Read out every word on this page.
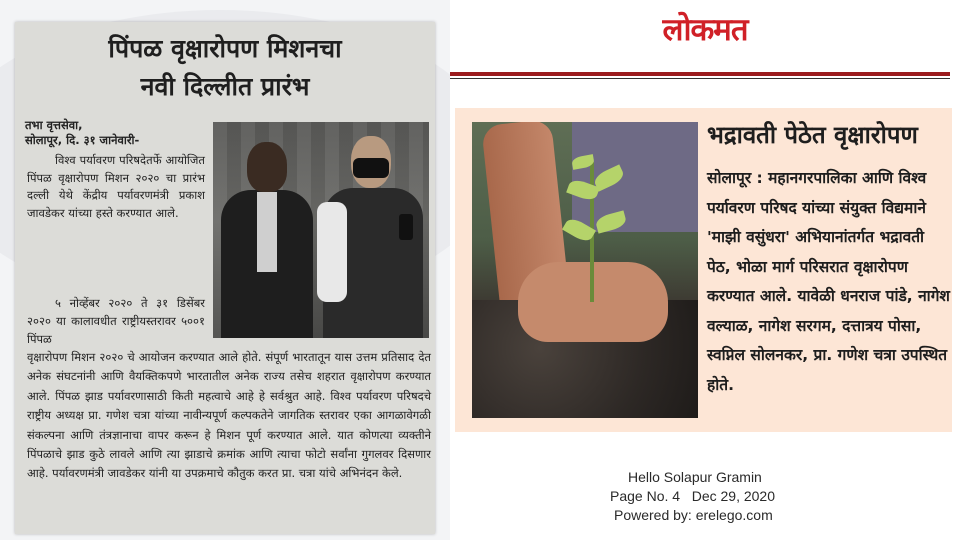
पिंपळ वृक्षारोपण मिशनचा
नवी दिल्लीत प्रारंभ
तभा वृत्तसेवा,
सोलापूर, दि. ३१ जानेवारी-
विश्व पर्यावरण परिषदेतर्फे आयोजित पिंपळ वृक्षारोपण मिशन २०२० चा प्रारंभ दल्ली येथे केंद्रीय पर्यावरणमंत्री प्रकाश जावडेकर यांच्या हस्ते करण्यात आले.
५ नोव्हेंबर २०२० ते ३१ डिसेंबर २०२० या कालावधीत राष्ट्रीयस्तरावर ५००१ पिंपळ
वृक्षारोपण मिशन २०२० चे आयोजन करण्यात आले होते. संपूर्ण भारतातून यास उत्तम प्रतिसाद देत अनेक संघटनांनी आणि वैयक्तिकपणे भारतातील अनेक राज्य तसेच शहरात वृक्षारोपण करण्यात आले. पिंपळ झाड पर्यावरणासाठी किती महत्वाचे आहे हे सर्वश्रुत आहे. विश्व पर्यावरण परिषदचे राष्ट्रीय अध्यक्ष प्रा. गणेश चत्रा यांच्या नावीन्यपूर्ण कल्पकतेने जागतिक स्तरावर एका आगळावेगळी संकल्पना आणि तंत्रज्ञानाचा वापर करून हे मिशन पूर्ण करण्यात आले. यात कोणत्या व्यक्तीने पिंपळाचे झाड कुठे लावले आणि त्या झाडाचे क्रमांक आणि त्याचा फोटो सर्वांना गुगलवर दिसणार आहे. पर्यावरणमंत्री जावडेकर यांनी या उपक्रमाचे कौतुक करत प्रा. चत्रा यांचे अभिनंदन केले.
लोकमत
भद्रावती पेठेत वृक्षारोपण
सोलापूर : महानगरपालिका आणि विश्व पर्यावरण परिषद यांच्या संयुक्त विद्यमाने 'माझी वसुंधरा' अभियानांतर्गत भद्रावती पेठ, भोळा मार्ग परिसरात वृक्षारोपण करण्यात आले. यावेळी धनराज पांडे, नागेश वल्याळ, नागेश सरगम, दत्तात्रय पोसा, स्वप्निल सोलनकर, प्रा. गणेश चत्रा उपस्थित होते.
Hello Solapur Gramin
Page No. 4   Dec 29, 2020
Powered by: erelego.com
